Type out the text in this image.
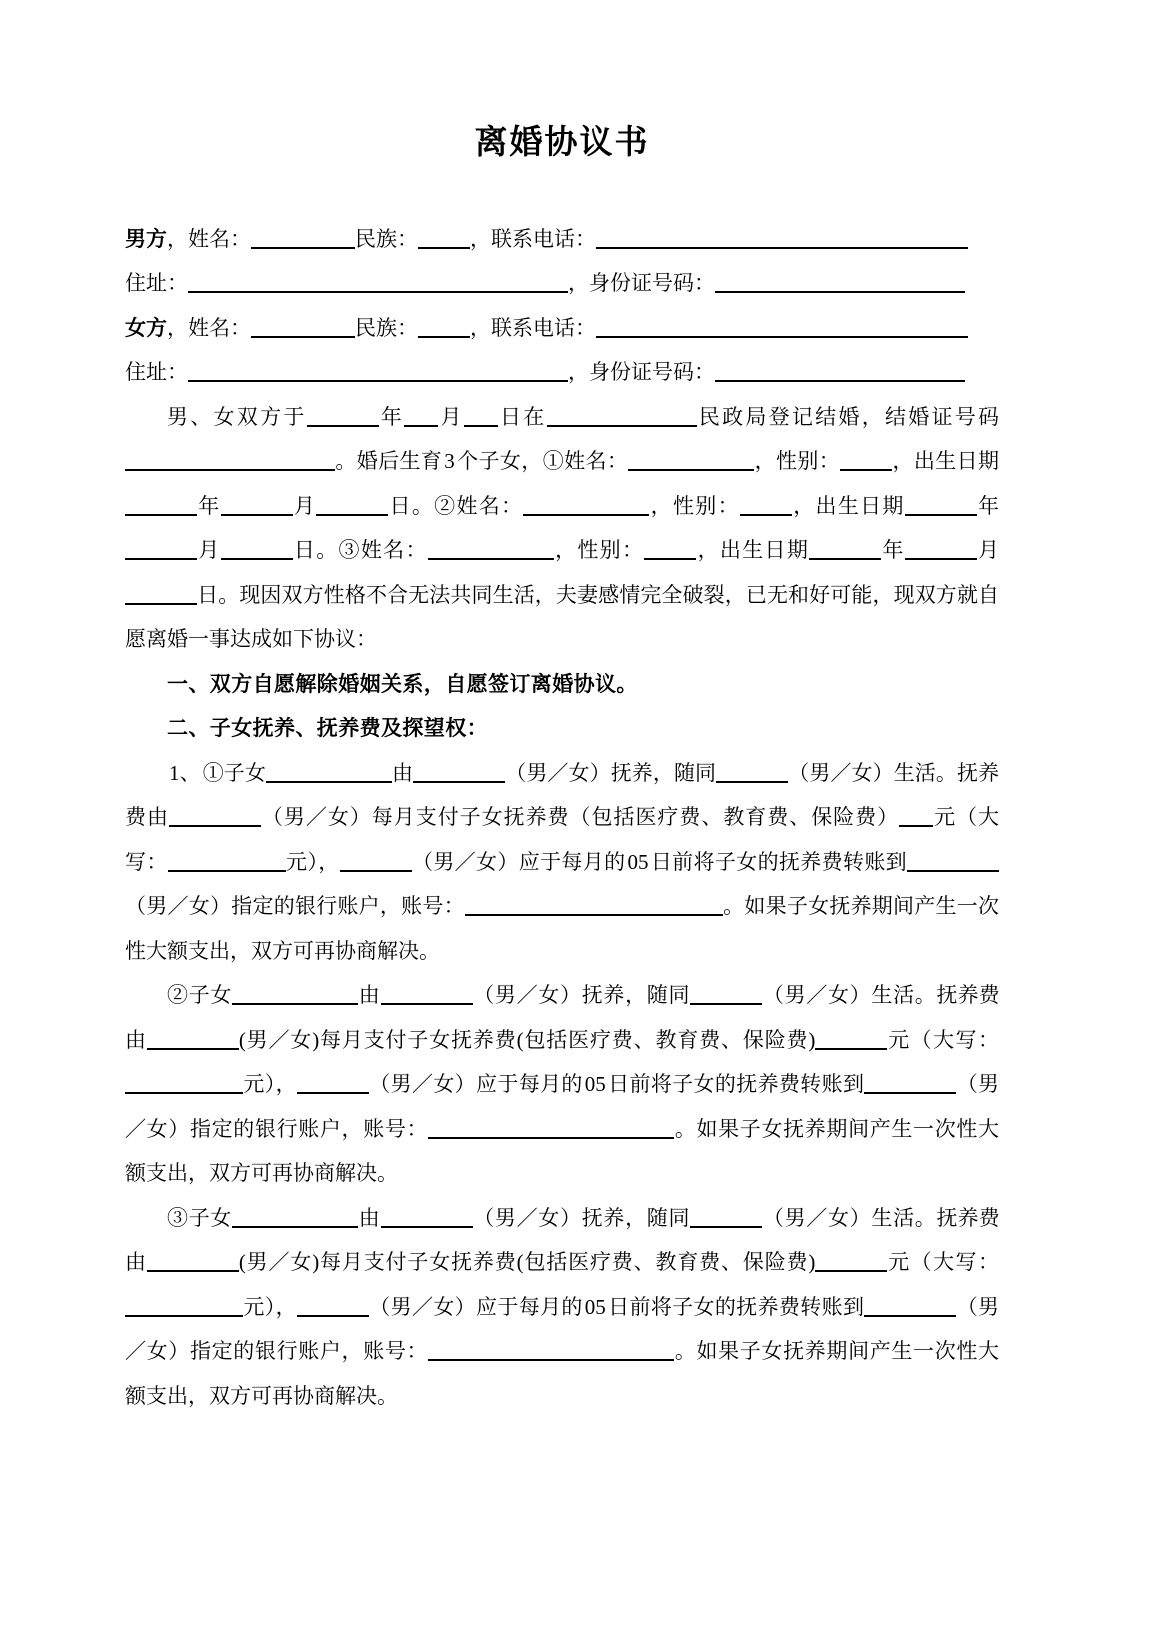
离婚协议书

男方，姓名：	民族： ，联系电话：

住址：	，身份证号码：

女方，姓名：	民族： ，联系电话：

住址：	，身份证号码：

男、女双方于	年 月 日在	民政局登记结婚，结婚证号码。婚后生育3个子女，①姓名：	，性别： ，出生日期年	月	日。②姓名：	，性别： ，出生日期	年月	日。③姓名：	，性别： ，出生日期	年	月日。现因双方性格不合无法共同生活，夫妻感情完全破裂，已无和好可能，现双方就自愿离婚一事达成如下协议：

一、双方自愿解除婚姻关系，自愿签订离婚协议。

二、子女抚养、抚养费及探望权：

1、①子女	由	（男／女）抚养，随同	（男／女）生活。抚养费由	（男／女）每月支付子女抚养费（包括医疗费、教育费、保险费） 元（大写：	元），	（男／女）应于每月的05日前将子女的抚养费转账到（男／女）指定的银行账户，账号：	。如果子女抚养期间产生一次性大额支出，双方可再协商解决。

②子女	由	（男／女）抚养，随同	（男／女）生活。抚养费由	(男／女)每月支付子女抚养费(包括医疗费、教育费、保险费)	元（大写：元），	（男／女）应于每月的05日前将子女的抚养费转账到	（男／女）指定的银行账户，账号：	。如果子女抚养期间产生一次性大额支出，双方可再协商解决。

③子女	由	（男／女）抚养，随同	（男／女）生活。抚养费由	(男／女)每月支付子女抚养费(包括医疗费、教育费、保险费)	元（大写：元），	（男／女）应于每月的05日前将子女的抚养费转账到	（男／女）指定的银行账户，账号：	。如果子女抚养期间产生一次性大额支出，双方可再协商解决。
